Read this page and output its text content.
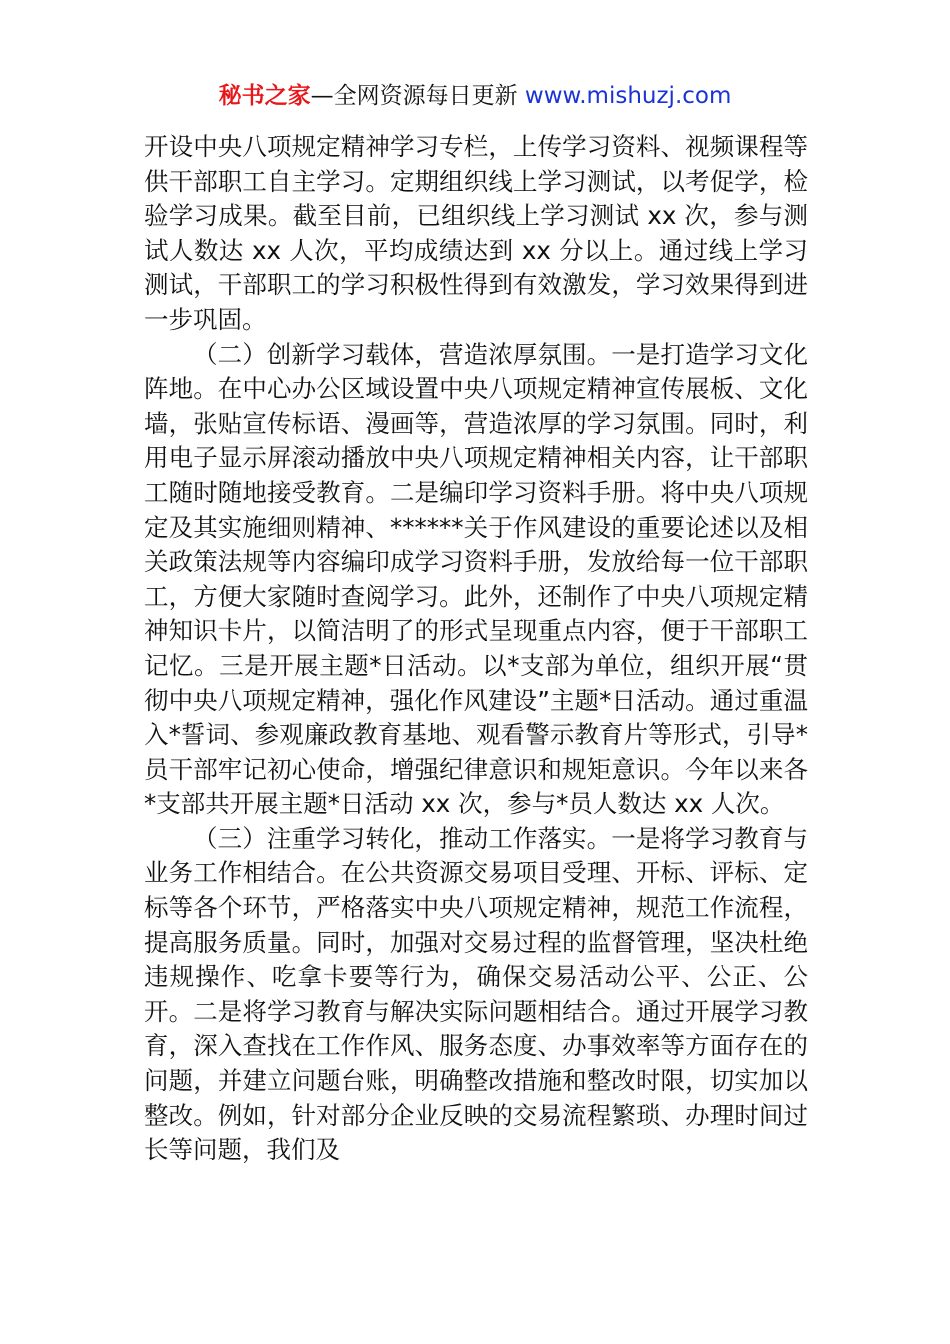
秘书之家—全网资源每日更新 www.mishuzj.com

开设中央八项规定精神学习专栏，上传学习资料、视频课程等供干部职工自主学习。定期组织线上学习测试，以考促学，检验学习成果。截至目前，已组织线上学习测试 xx 次，参与测试人数达 xx 人次，平均成绩达到 xx 分以上。通过线上学习测试，干部职工的学习积极性得到有效激发，学习效果得到进一步巩固。

（二）创新学习载体，营造浓厚氛围。一是打造学习文化阵地。在中心办公区域设置中央八项规定精神宣传展板、文化墙，张贴宣传标语、漫画等，营造浓厚的学习氛围。同时，利用电子显示屏滚动播放中央八项规定精神相关内容，让干部职工随时随地接受教育。二是编印学习资料手册。将中央八项规定及其实施细则精神、******关于作风建设的重要论述以及相关政策法规等内容编印成学习资料手册，发放给每一位干部职工，方便大家随时查阅学习。此外，还制作了中央八项规定精神知识卡片，以简洁明了的形式呈现重点内容，便于干部职工记忆。三是开展主题*日活动。以*支部为单位，组织开展“贯彻中央八项规定精神，强化作风建设”主题*日活动。通过重温入*誓词、参观廉政教育基地、观看警示教育片等形式，引导*员干部牢记初心使命，增强纪律意识和规矩意识。今年以来各*支部共开展主题*日活动 xx 次，参与*员人数达 xx 人次。

（三）注重学习转化，推动工作落实。一是将学习教育与业务工作相结合。在公共资源交易项目受理、开标、评标、定标等各个环节，严格落实中央八项规定精神，规范工作流程，提高服务质量。同时，加强对交易过程的监督管理，坚决杜绝违规操作、吃拿卡要等行为，确保交易活动公平、公正、公开。二是将学习教育与解决实际问题相结合。通过开展学习教育，深入查找在工作作风、服务态度、办事效率等方面存在的问题，并建立问题台账，明确整改措施和整改时限，切实加以整改。例如，针对部分企业反映的交易流程繁琐、办理时间过长等问题，我们及
